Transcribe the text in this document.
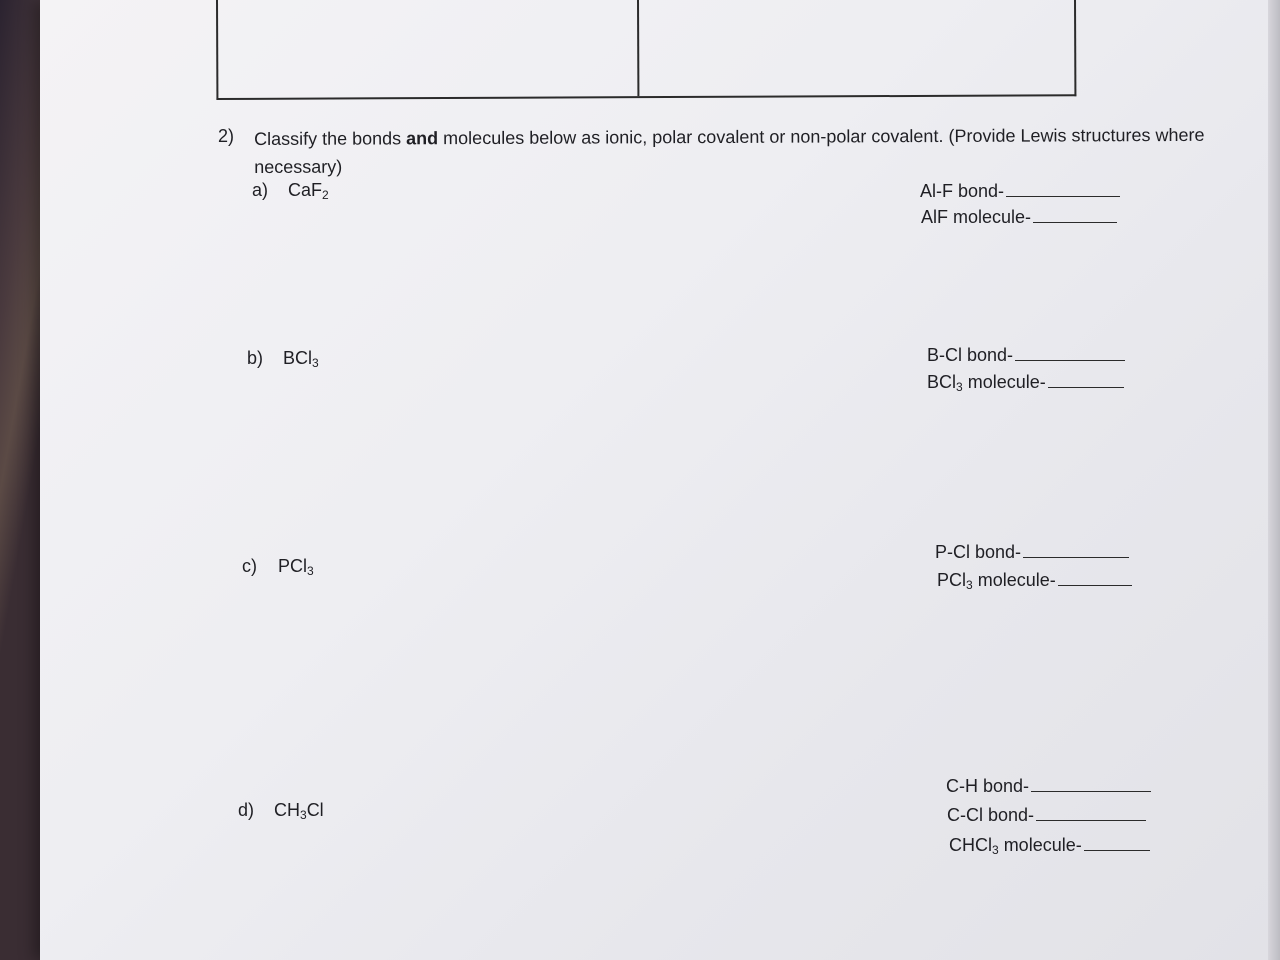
2) Classify the bonds and molecules below as ionic, polar covalent or non-polar covalent. (Provide Lewis structures where necessary)
a) CaF$_2$	Al-F bond-
AlF molecule-
b) BCl$_3$	B-Cl bond-
BCl$_3$ molecule-
c) PCl$_3$
P-Cl bond-
PCl$_3$ molecule-
d) $CH_3Cl$
C-H bond-
C-Cl bond-
CHCl$_3$ molecule-
